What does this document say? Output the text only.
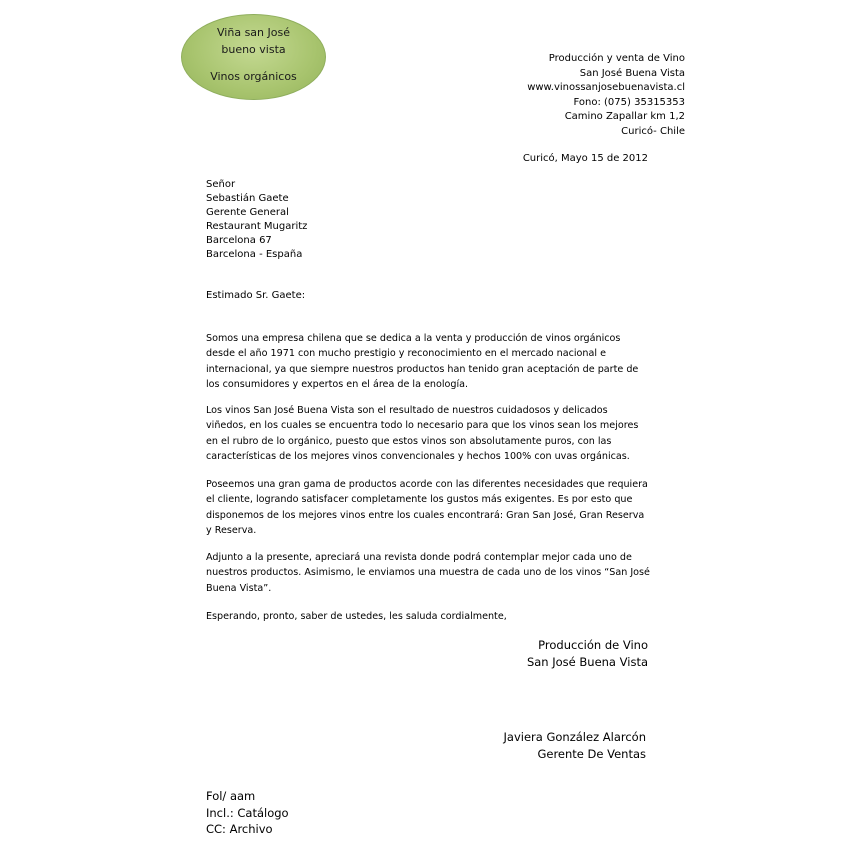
Viña san José
bueno vista
Vinos orgánicos
Producción y venta de Vino
San José Buena Vista
www.vinossanjosebuenavista.cl
Fono: (075) 35315353
Camino Zapallar km 1,2
Curicó- Chile
Curicó, Mayo 15 de 2012
Señor
Sebastián Gaete
Gerente General
Restaurant Mugaritz
Barcelona 67
Barcelona - España
Estimado Sr. Gaete:

Somos una empresa chilena que se dedica a la venta y producción de vinos orgánicos desde el año 1971 con mucho prestigio y reconocimiento en el mercado nacional e internacional, ya que siempre nuestros productos han tenido gran aceptación de parte de los consumidores y expertos en el área de la enología.

Los vinos San José Buena Vista son el resultado de nuestros cuidadosos y delicados viñedos, en los cuales se encuentra todo lo necesario para que los vinos sean los mejores en el rubro de lo orgánico, puesto que estos vinos son absolutamente puros, con las características de los mejores vinos convencionales y hechos 100% con uvas orgánicas.

Poseemos una gran gama de productos acorde con las diferentes necesidades que requiera el cliente, logrando satisfacer completamente los gustos más exigentes. Es por esto que disponemos de los mejores vinos entre los cuales encontrará: Gran San José, Gran Reserva y Reserva.

Adjunto a la presente, apreciará una revista donde podrá contemplar mejor cada uno de nuestros productos. Asimismo, le enviamos una muestra de cada uno de los vinos “San José Buena Vista”.

Esperando, pronto, saber de ustedes, les saluda cordialmente,
Producción de Vino
San José Buena Vista
Javiera González Alarcón
Gerente De Ventas
Fol/ aam
Incl.: Catálogo
CC: Archivo
